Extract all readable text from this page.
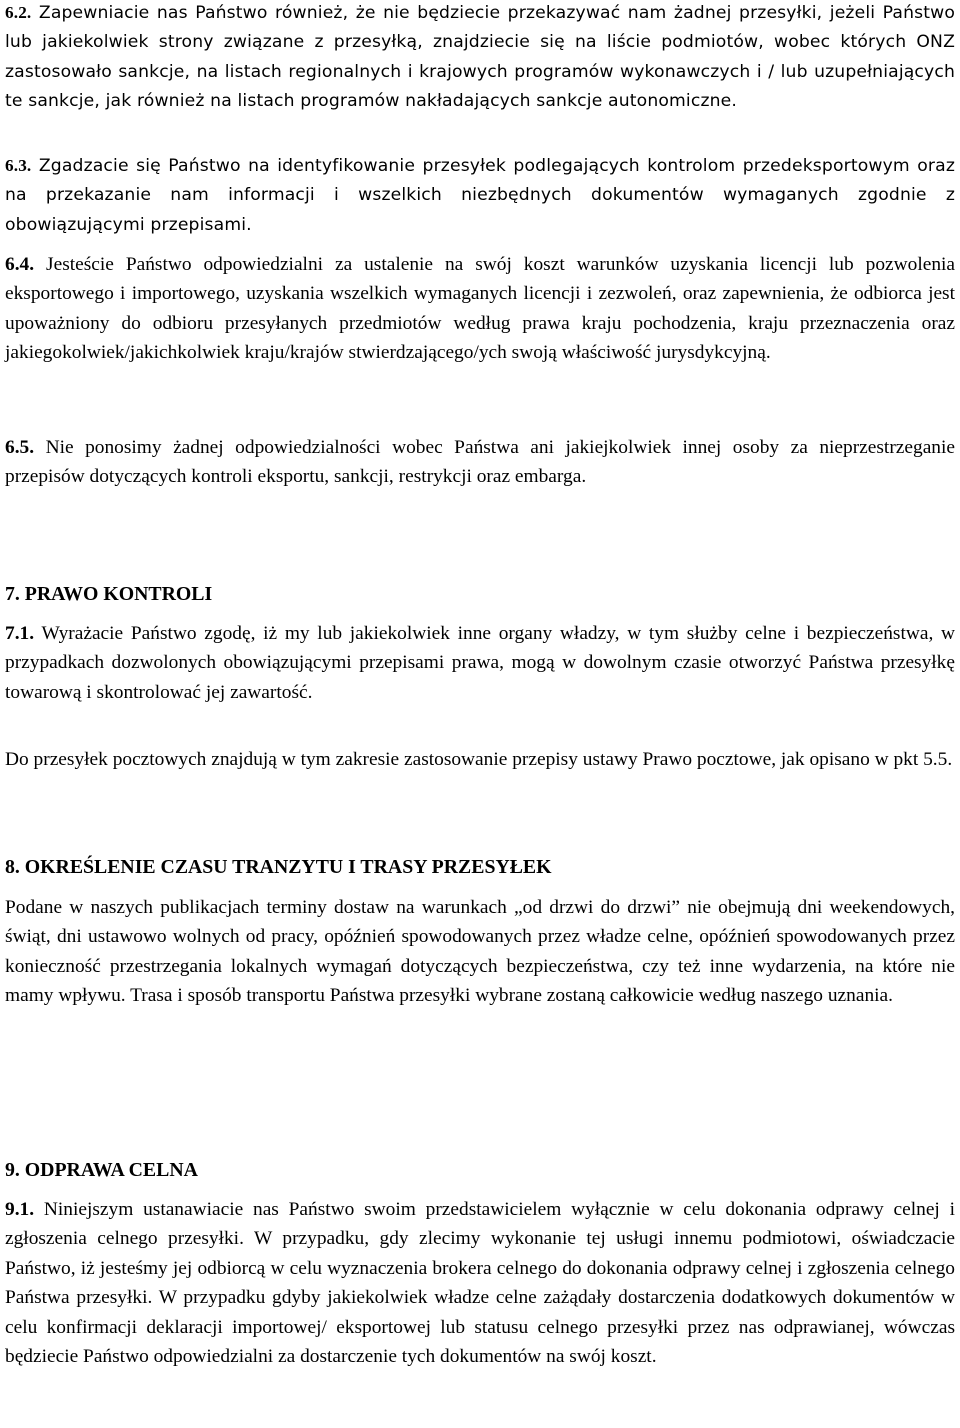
6.2. Zapewniacie nas Państwo również, że nie będziecie przekazywać nam żadnej przesyłki, jeżeli Państwo lub jakiekolwiek strony związane z przesyłką, znajdziecie się na liście podmiotów, wobec których ONZ zastosowało sankcje, na listach regionalnych i krajowych programów wykonawczych i / lub uzupełniających te sankcje, jak również na listach programów nakładających sankcje autonomiczne.

6.3. Zgadzacie się Państwo na identyfikowanie przesyłek podlegających kontrolom przedeksportowym oraz na przekazanie nam informacji i wszelkich niezbędnych dokumentów wymaganych zgodnie z obowiązującymi przepisami.

6.4. Jesteście Państwo odpowiedzialni za ustalenie na swój koszt warunków uzyskania licencji lub pozwolenia eksportowego i importowego, uzyskania wszelkich wymaganych licencji i zezwoleń, oraz zapewnienia, że odbiorca jest upoważniony do odbioru przesyłanych przedmiotów według prawa kraju pochodzenia, kraju przeznaczenia oraz jakiegokolwiek/jakichkolwiek kraju/krajów stwierdzającego/ych swoją właściwość jurysdykcyjną.

6.5. Nie ponosimy żadnej odpowiedzialności wobec Państwa ani jakiejkolwiek innej osoby za nieprzestrzeganie przepisów dotyczących kontroli eksportu, sankcji, restrykcji oraz embarga.

7. PRAWO KONTROLI

7.1. Wyrażacie Państwo zgodę, iż my lub jakiekolwiek inne organy władzy, w tym służby celne i bezpieczeństwa, w przypadkach dozwolonych obowiązującymi przepisami prawa, mogą w dowolnym czasie otworzyć Państwa przesyłkę towarową i skontrolować jej zawartość.

Do przesyłek pocztowych znajdują w tym zakresie zastosowanie przepisy ustawy Prawo pocztowe, jak opisano w pkt 5.5.

8. OKREŚLENIE CZASU TRANZYTU I TRASY PRZESYŁEK

Podane w naszych publikacjach terminy dostaw na warunkach „od drzwi do drzwi” nie obejmują dni weekendowych, świąt, dni ustawowo wolnych od pracy, opóźnień spowodowanych przez władze celne, opóźnień spowodowanych przez konieczność przestrzegania lokalnych wymagań dotyczących bezpieczeństwa, czy też inne wydarzenia, na które nie mamy wpływu. Trasa i sposób transportu Państwa przesyłki wybrane zostaną całkowicie według naszego uznania.

9. ODPRAWA CELNA

9.1. Niniejszym ustanawiacie nas Państwo swoim przedstawicielem wyłącznie w celu dokonania odprawy celnej i zgłoszenia celnego przesyłki. W przypadku, gdy zlecimy wykonanie tej usługi innemu podmiotowi, oświadczacie Państwo, iż jesteśmy jej odbiorcą w celu wyznaczenia brokera celnego do dokonania odprawy celnej i zgłoszenia celnego Państwa przesyłki. W przypadku gdyby jakiekolwiek władze celne zażądały dostarczenia dodatkowych dokumentów w celu konfirmacji deklaracji importowej/ eksportowej lub statusu celnego przesyłki przez nas odprawianej, wówczas będziecie Państwo odpowiedzialni za dostarczenie tych dokumentów na swój koszt.
